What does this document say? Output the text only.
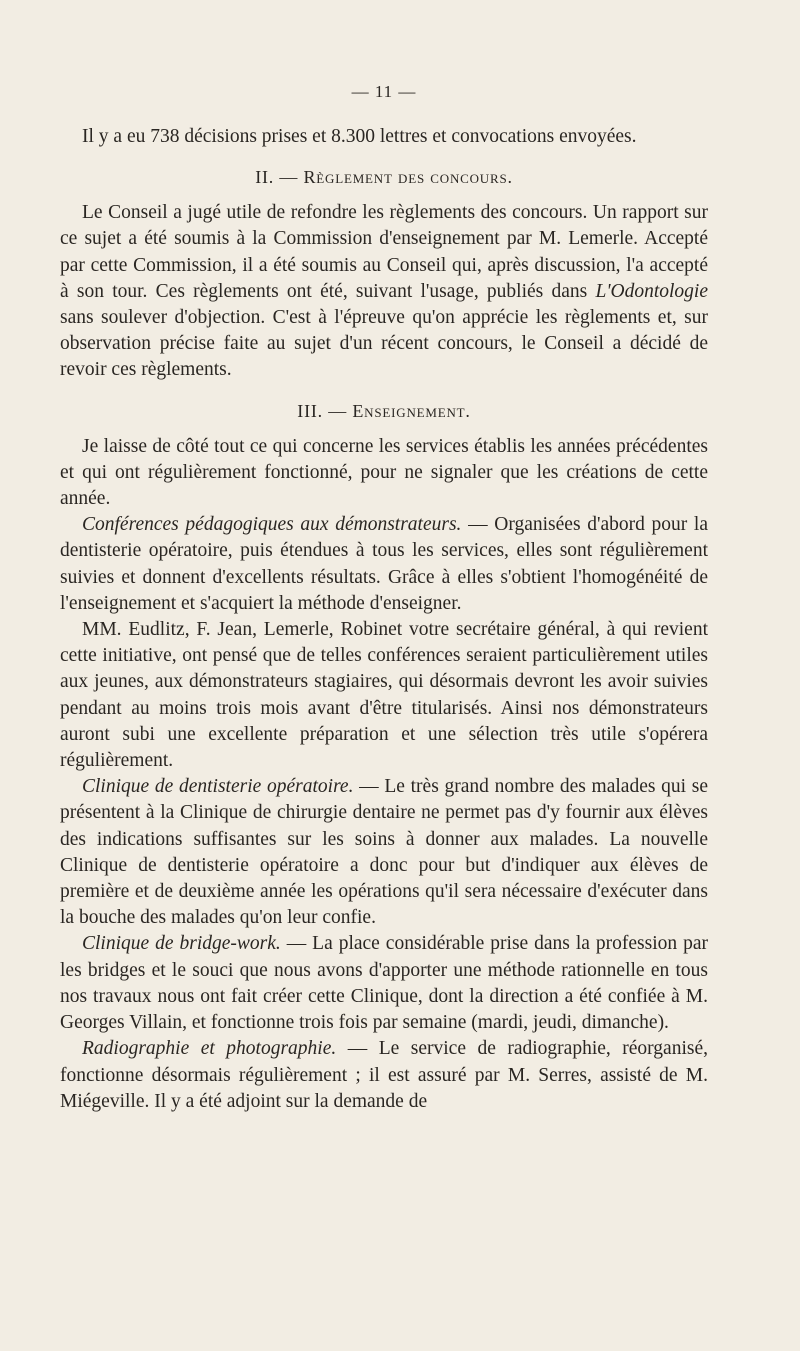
— 11 —

Il y a eu 738 décisions prises et 8.300 lettres et convocations envoyées.

II. — Règlement des concours.

Le Conseil a jugé utile de refondre les règlements des concours. Un rapport sur ce sujet a été soumis à la Commission d'enseignement par M. Lemerle. Accepté par cette Commission, il a été soumis au Conseil qui, après discussion, l'a accepté à son tour. Ces règlements ont été, suivant l'usage, publiés dans L'Odontologie sans soulever d'objection. C'est à l'épreuve qu'on apprécie les règlements et, sur observation précise faite au sujet d'un récent concours, le Conseil a décidé de revoir ces règlements.

III. — Enseignement.

Je laisse de côté tout ce qui concerne les services établis les années précédentes et qui ont régulièrement fonctionné, pour ne signaler que les créations de cette année.

Conférences pédagogiques aux démonstrateurs. — Organisées d'abord pour la dentisterie opératoire, puis étendues à tous les services, elles sont régulièrement suivies et donnent d'excellents résultats. Grâce à elles s'obtient l'homogénéité de l'enseignement et s'acquiert la méthode d'enseigner.

MM. Eudlitz, F. Jean, Lemerle, Robinet votre secrétaire général, à qui revient cette initiative, ont pensé que de telles conférences seraient particulièrement utiles aux jeunes, aux démonstrateurs stagiaires, qui désormais devront les avoir suivies pendant au moins trois mois avant d'être titularisés. Ainsi nos démonstrateurs auront subi une excellente préparation et une sélection très utile s'opérera régulièrement.

Clinique de dentisterie opératoire. — Le très grand nombre des malades qui se présentent à la Clinique de chirurgie dentaire ne permet pas d'y fournir aux élèves des indications suffisantes sur les soins à donner aux malades. La nouvelle Clinique de dentisterie opératoire a donc pour but d'indiquer aux élèves de première et de deuxième année les opérations qu'il sera nécessaire d'exécuter dans la bouche des malades qu'on leur confie.

Clinique de bridge-work. — La place considérable prise dans la profession par les bridges et le souci que nous avons d'apporter une méthode rationnelle en tous nos travaux nous ont fait créer cette Clinique, dont la direction a été confiée à M. Georges Villain, et fonctionne trois fois par semaine (mardi, jeudi, dimanche).

Radiographie et photographie. — Le service de radiographie, réorganisé, fonctionne désormais régulièrement ; il est assuré par M. Serres, assisté de M. Miégeville. Il y a été adjoint sur la demande de
